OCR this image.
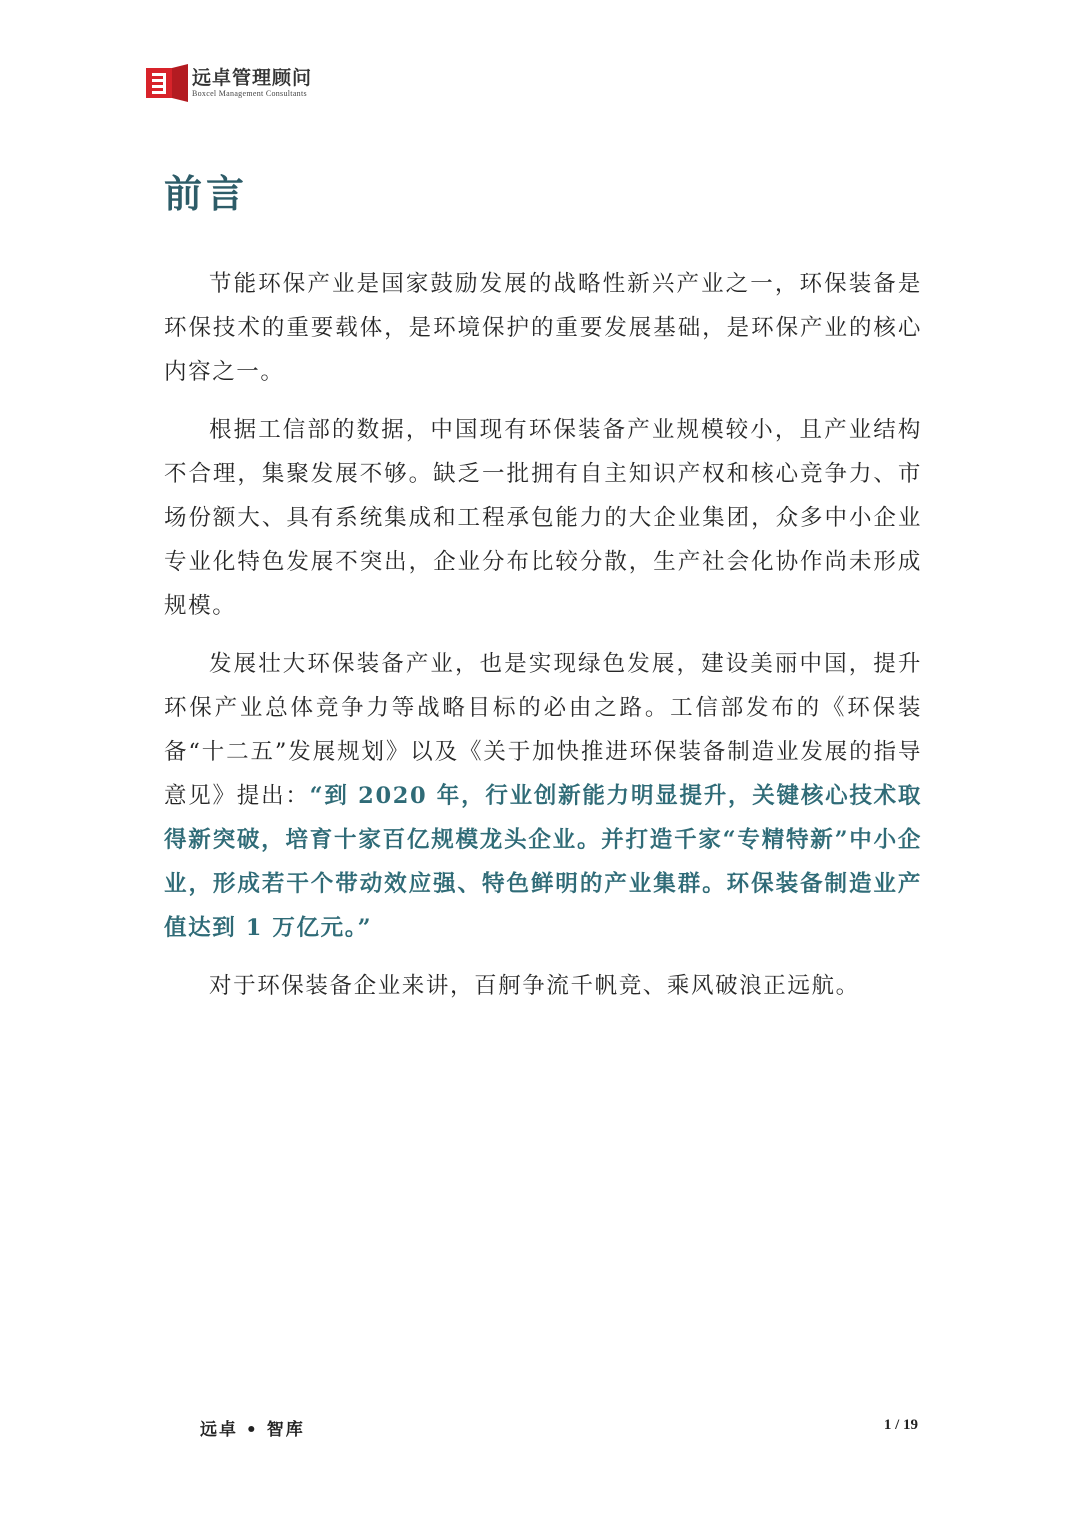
远卓管理顾问
Boxcel Management Consultants
前言

节能环保产业是国家鼓励发展的战略性新兴产业之一，环保装备是环保技术的重要载体，是环境保护的重要发展基础，是环保产业的核心内容之一。

根据工信部的数据，中国现有环保装备产业规模较小，且产业结构不合理，集聚发展不够。缺乏一批拥有自主知识产权和核心竞争力、市场份额大、具有系统集成和工程承包能力的大企业集团，众多中小企业专业化特色发展不突出，企业分布比较分散，生产社会化协作尚未形成规模。

发展壮大环保装备产业，也是实现绿色发展，建设美丽中国，提升环保产业总体竞争力等战略目标的必由之路。工信部发布的《环保装备“十二五”发展规划》以及《关于加快推进环保装备制造业发展的指导意见》提出：“到 2020 年，行业创新能力明显提升，关键核心技术取得新突破，培育十家百亿规模龙头企业。并打造千家“专精特新”中小企业，形成若干个带动效应强、特色鲜明的产业集群。环保装备制造业产值达到 1 万亿元。”

对于环保装备企业来讲，百舸争流千帆竞、乘风破浪正远航。

远卓 • 智库	1 / 19
